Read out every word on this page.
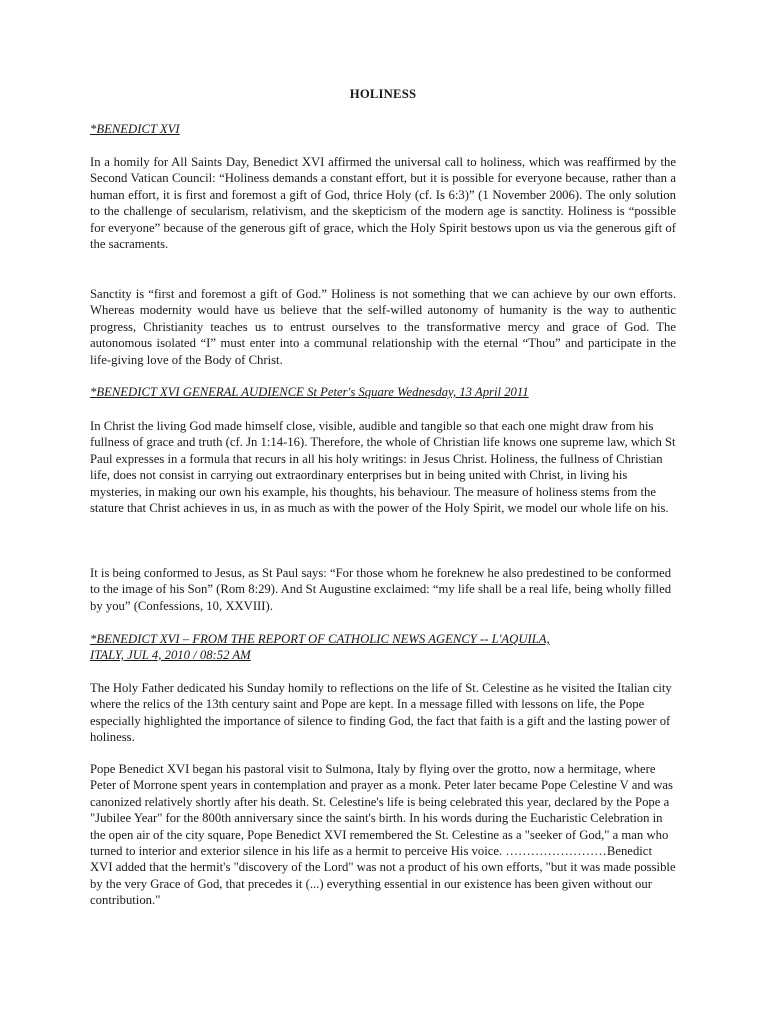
HOLINESS
*BENEDICT XVI

In a homily for All Saints Day, Benedict XVI affirmed the universal call to holiness, which was reaffirmed by the Second Vatican Council: “Holiness demands a constant effort, but it is possible for everyone because, rather than a human effort, it is first and foremost a gift of God, thrice Holy (cf. Is 6:3)” (1 November 2006). The only solution to the challenge of secularism, relativism, and the skepticism of the modern age is sanctity. Holiness is “possible for everyone” because of the generous gift of grace, which the Holy Spirit bestows upon us via the generous gift of the sacraments.

Sanctity is “first and foremost a gift of God.” Holiness is not something that we can achieve by our own efforts. Whereas modernity would have us believe that the self-willed autonomy of humanity is the way to authentic progress, Christianity teaches us to entrust ourselves to the transformative mercy and grace of God. The autonomous isolated “I” must enter into a communal relationship with the eternal “Thou” and participate in the life-giving love of the Body of Christ.

*BENEDICT XVI GENERAL AUDIENCE St Peter's Square Wednesday, 13 April 2011

In Christ the living God made himself close, visible, audible and tangible so that each one might draw from his fullness of grace and truth (cf. Jn 1:14-16). Therefore, the whole of Christian life knows one supreme law, which St Paul expresses in a formula that recurs in all his holy writings: in Jesus Christ. Holiness, the fullness of Christian life, does not consist in carrying out extraordinary enterprises but in being united with Christ, in living his mysteries, in making our own his example, his thoughts, his behaviour. The measure of holiness stems from the stature that Christ achieves in us, in as much as with the power of the Holy Spirit, we model our whole life on his.

It is being conformed to Jesus, as St Paul says: “For those whom he foreknew he also predestined to be conformed to the image of his Son” (Rom 8:29). And St Augustine exclaimed: “my life shall be a real life, being wholly filled by you” (Confessions, 10, XXVIII).

*BENEDICT XVI – FROM THE REPORT OF CATHOLIC NEWS AGENCY -- L'AQUILA,
ITALY, JUL 4, 2010 / 08:52 AM

The Holy Father dedicated his Sunday homily to reflections on the life of St. Celestine as he visited the Italian city where the relics of the 13th century saint and Pope are kept. In a message filled with lessons on life, the Pope especially highlighted the importance of silence to finding God, the fact that faith is a gift and the lasting power of holiness.

Pope Benedict XVI began his pastoral visit to Sulmona, Italy by flying over the grotto, now a hermitage, where Peter of Morrone spent years in contemplation and prayer as a monk. Peter later became Pope Celestine V and was canonized relatively shortly after his death. St. Celestine's life is being celebrated this year, declared by the Pope a "Jubilee Year" for the 800th anniversary since the saint's birth. In his words during the Eucharistic Celebration in the open air of the city square, Pope Benedict XVI remembered the St. Celestine as a "seeker of God," a man who turned to interior and exterior silence in his life as a hermit to perceive His voice. ……………………Benedict XVI added that the hermit's "discovery of the Lord" was not a product of his own efforts, "but it was made possible by the very Grace of God, that precedes it (...) everything essential in our existence has been given without our contribution."
